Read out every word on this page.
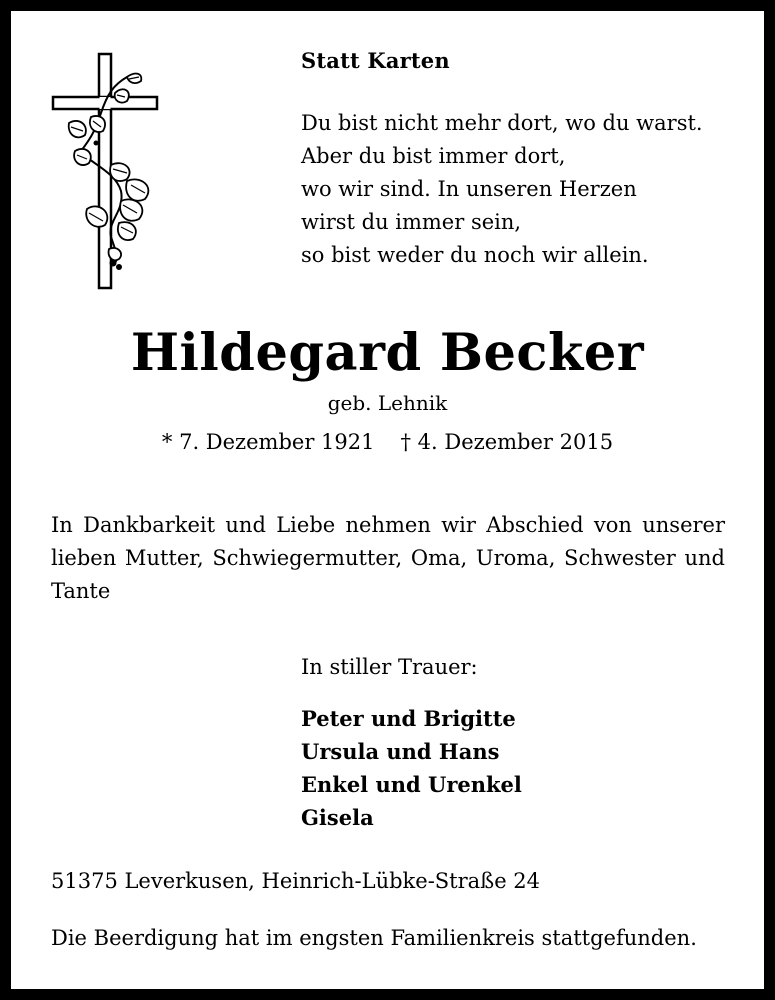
Statt Karten
Du bist nicht mehr dort, wo du warst.
Aber du bist immer dort,
wo wir sind. In unseren Herzen
wirst du immer sein,
so bist weder du noch wir allein.
Hildegard Becker
geb. Lehnik
* 7. Dezember 1921 † 4. Dezember 2015
In Dankbarkeit und Liebe nehmen wir Abschied von unserer lieben Mutter, Schwiegermutter, Oma, Uroma, Schwester und Tante
In stiller Trauer:
Peter und Brigitte
Ursula und Hans
Enkel und Urenkel
Gisela
51375 Leverkusen, Heinrich-Lübke-Straße 24
Die Beerdigung hat im engsten Familienkreis stattgefunden.
